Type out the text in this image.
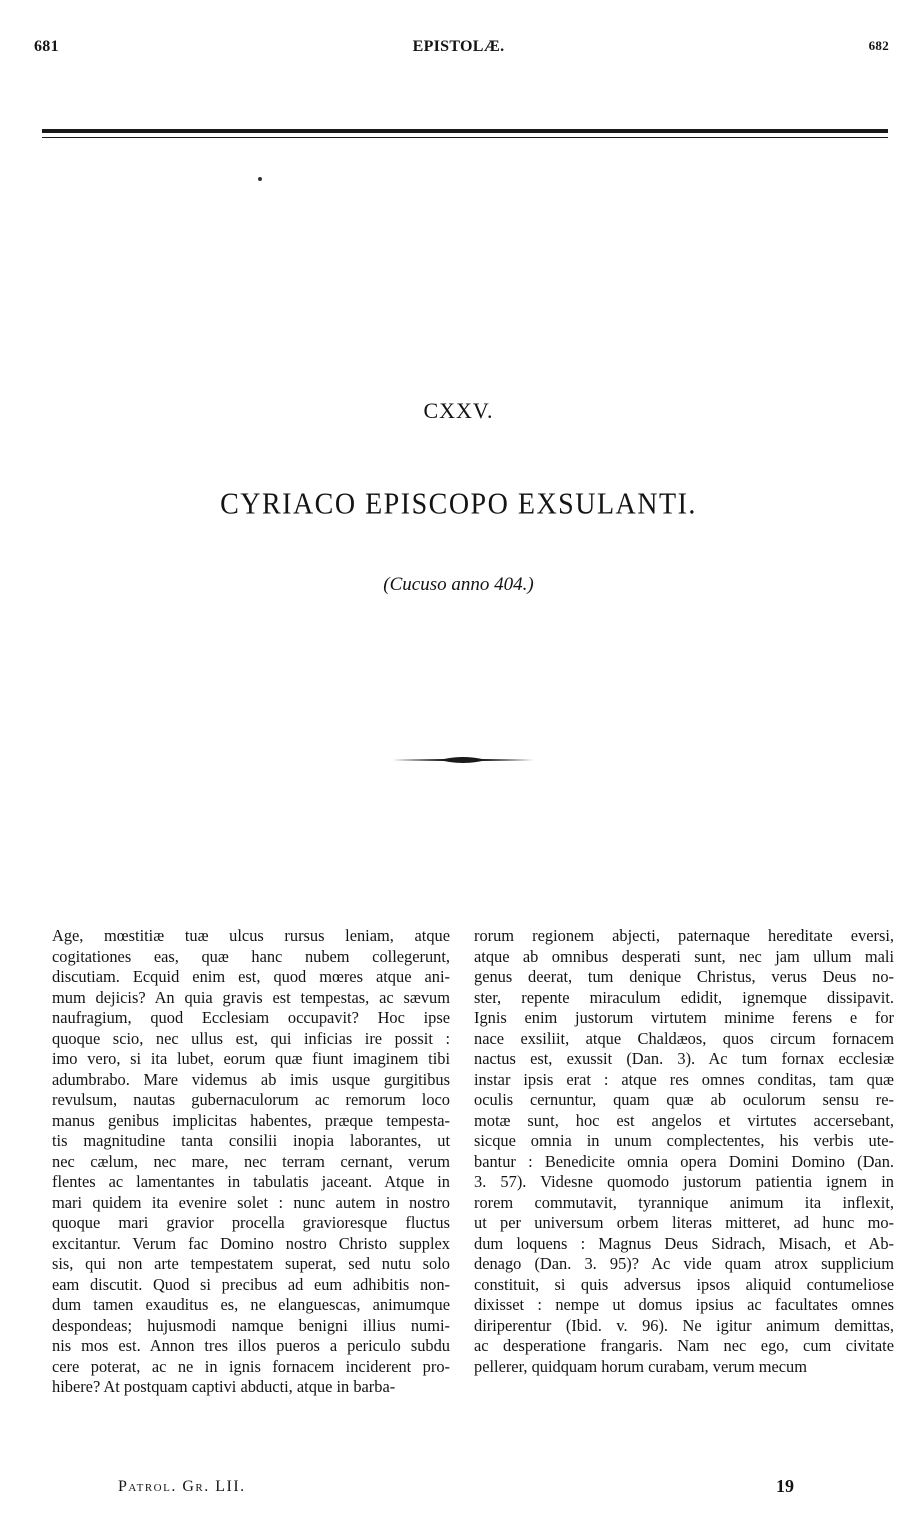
681	EPISTOLÆ.	682
CXXV.
CYRIACO EPISCOPO EXSULANTI.
(Cucuso anno 404.)
Age, mœstitiæ tuæ ulcus rursus leniam, atque
cogitationes eas, quæ hanc nubem collegerunt,
discutiam. Ecquid enim est, quod mœres atque ani-
mum dejicis? An quia gravis est tempestas, ac sævum
naufragium, quod Ecclesiam occupavit? Hoc ipse
quoque scio, nec ullus est, qui inficias ire possit :
imo vero, si ita lubet, eorum quæ fiunt imaginem tibi
adumbrabo. Mare videmus ab imis usque gurgitibus
revulsum, nautas gubernaculorum ac remorum loco
manus genibus implicitas habentes, præque tempesta-
tis magnitudine tanta consilii inopia laborantes, ut
nec cælum, nec mare, nec terram cernant, verum
flentes ac lamentantes in tabulatis jaceant. Atque in
mari quidem ita evenire solet : nunc autem in nostro
quoque mari gravior procella gravioresque fluctus
excitantur. Verum fac Domino nostro Christo supplex
sis, qui non arte tempestatem superat, sed nutu solo
eam discutit. Quod si precibus ad eum adhibitis non-
dum tamen exauditus es, ne elanguescas, animumque
despondeas; hujusmodi namque benigni illius numi-
nis mos est. Annon tres illos pueros a periculo subdu
cere poterat, ac ne in ignis fornacem inciderent pro-
hibere? At postquam captivi abducti, atque in barba-
rorum regionem abjecti, paternaque hereditate eversi,
atque ab omnibus desperati sunt, nec jam ullum mali
genus deerat, tum denique Christus, verus Deus no-
ster, repente miraculum edidit, ignemque dissipavit.
Ignis enim justorum virtutem minime ferens e for
nace exsiliit, atque Chaldæos, quos circum fornacem
nactus est, exussit (Dan. 3). Ac tum fornax ecclesiæ
instar ipsis erat : atque res omnes conditas, tam quæ
oculis cernuntur, quam quæ ab oculorum sensu re-
motæ sunt, hoc est angelos et virtutes accersebant,
sicque omnia in unum complectentes, his verbis ute-
bantur : Benedicite omnia opera Domini Domino (Dan.
3. 57). Videsne quomodo justorum patientia ignem in
rorem commutavit, tyrannique animum ita inflexit,
ut per universum orbem literas mitteret, ad hunc mo-
dum loquens : Magnus Deus Sidrach, Misach, et Ab-
denago (Dan. 3. 95)? Ac vide quam atrox supplicium
constituit, si quis adversus ipsos aliquid contumeliose
dixisset : nempe ut domus ipsius ac facultates omnes
diriperentur (Ibid. v. 96). Ne igitur animum demittas,
ac desperatione frangaris. Nam nec ego, cum civitate
pellerer, quidquam horum curabam, verum mecum
Patrol. Gr. LII.	19
